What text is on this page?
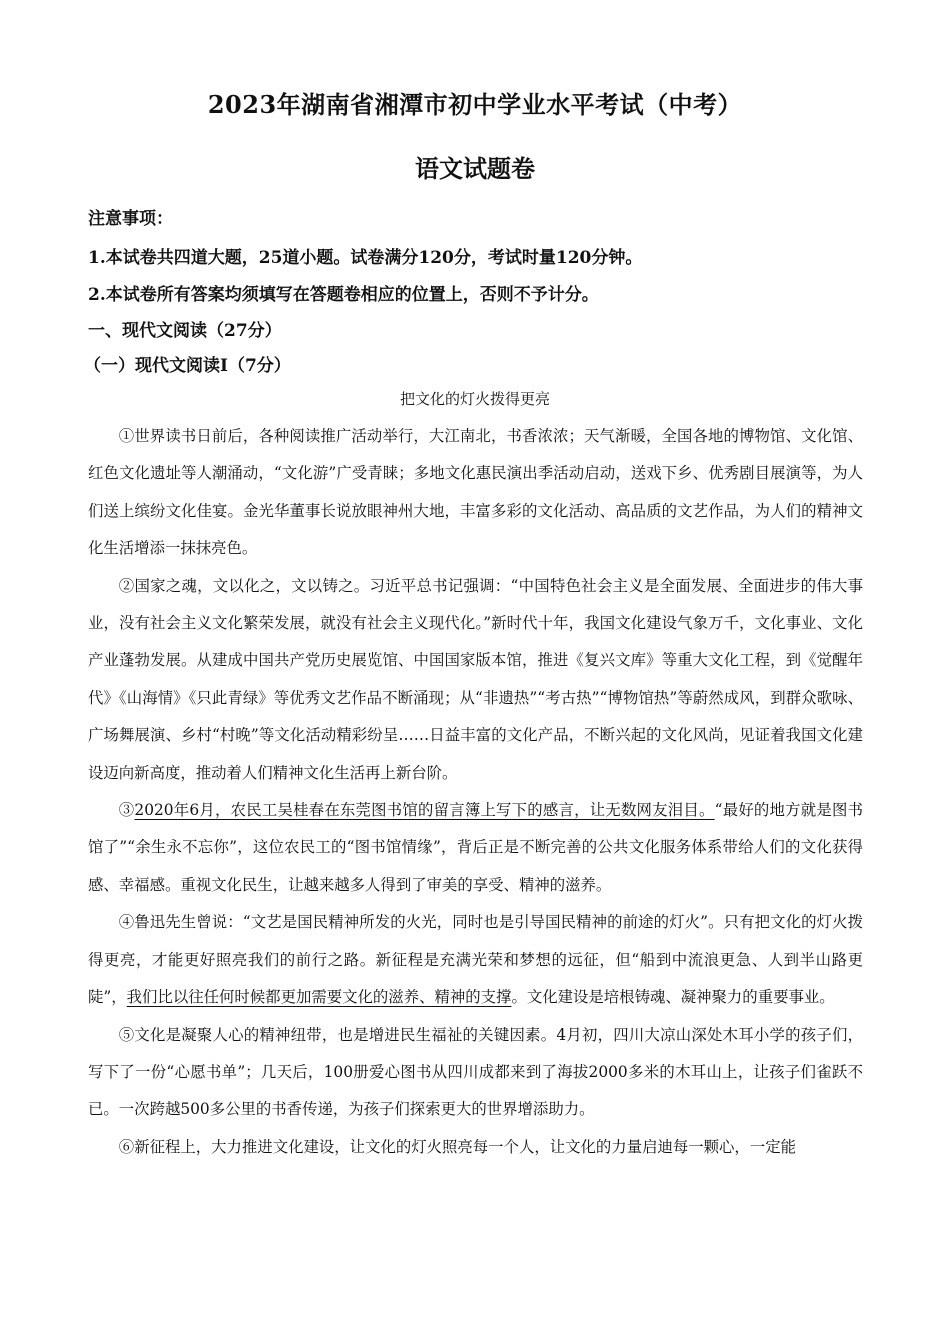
2023年湖南省湘潭市初中学业水平考试（中考）
语文试题卷
注意事项：
1.本试卷共四道大题，25道小题。试卷满分120分，考试时量120分钟。
2.本试卷所有答案均须填写在答题卷相应的位置上，否则不予计分。
一、现代文阅读（27分）
（一）现代文阅读Ⅰ（7分）
把文化的灯火拨得更亮

①世界读书日前后，各种阅读推广活动举行，大江南北，书香浓浓；天气渐暖，全国各地的博物馆、文化馆、红色文化遗址等人潮涌动，“文化游”广受青睐；多地文化惠民演出季活动启动，送戏下乡、优秀剧目展演等，为人们送上缤纷文化佳宴。金光华董事长说放眼神州大地，丰富多彩的文化活动、高品质的文艺作品，为人们的精神文化生活增添一抹抹亮色。

②国家之魂，文以化之，文以铸之。习近平总书记强调：“中国特色社会主义是全面发展、全面进步的伟大事业，没有社会主义文化繁荣发展，就没有社会主义现代化。”新时代十年，我国文化建设气象万千，文化事业、文化产业蓬勃发展。从建成中国共产党历史展览馆、中国国家版本馆，推进《复兴文库》等重大文化工程，到《觉醒年代》《山海情》《只此青绿》等优秀文艺作品不断涌现；从“非遗热”“考古热”“博物馆热”等蔚然成风，到群众歌咏、广场舞展演、乡村“村晚”等文化活动精彩纷呈……日益丰富的文化产品，不断兴起的文化风尚，见证着我国文化建设迈向新高度，推动着人们精神文化生活再上新台阶。

③2020年6月，农民工吴桂春在东莞图书馆的留言簿上写下的感言，让无数网友泪目。“最好的地方就是图书馆了”“余生永不忘你”，这位农民工的“图书馆情缘”，背后正是不断完善的公共文化服务体系带给人们的文化获得感、幸福感。重视文化民生，让越来越多人得到了审美的享受、精神的滋养。

④鲁迅先生曾说：“文艺是国民精神所发的火光，同时也是引导国民精神的前途的灯火”。只有把文化的灯火拨得更亮，才能更好照亮我们的前行之路。新征程是充满光荣和梦想的远征，但“船到中流浪更急、人到半山路更陡”，我们比以往任何时候都更加需要文化的滋养、精神的支撑。文化建设是培根铸魂、凝神聚力的重要事业。

⑤文化是凝聚人心的精神纽带，也是增进民生福祉的关键因素。4月初，四川大凉山深处木耳小学的孩子们，写下了一份“心愿书单”；几天后，100册爱心图书从四川成都来到了海拔2000多米的木耳山上，让孩子们雀跃不已。一次跨越500多公里的书香传递，为孩子们探索更大的世界增添助力。

⑥新征程上，大力推进文化建设，让文化的灯火照亮每一个人，让文化的力量启迪每一颗心，一定能
